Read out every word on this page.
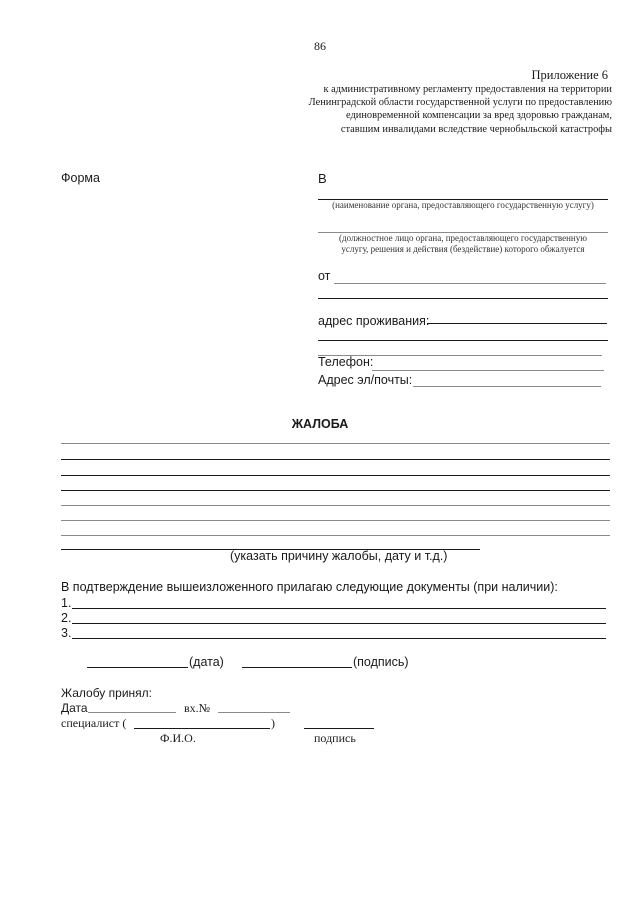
86
Приложение 6
к административному регламенту предоставления на территории
Ленинградской области государственной услуги по предоставлению
единовременной компенсации за вред здоровью гражданам,
ставшим инвалидами вследствие чернобыльской катастрофы
Форма	В
(наименование органа, предоставляющего государственную услугу)
(должностное лицо органа, предоставляющего государственную
услугу, решения и действия (бездействие) которого обжалуется
от
адрес проживания:
Телефон:
Адрес эл/почты:
ЖАЛОБА
(указать причину жалобы, дату и т.д.)
В подтверждение вышеизложенного прилагаю следующие документы (при наличии):
1.
2.
3.
(дата)	(подпись)
Жалобу принял:
Дата	вх.№
специалист (	)
Ф.И.О.	подпись
